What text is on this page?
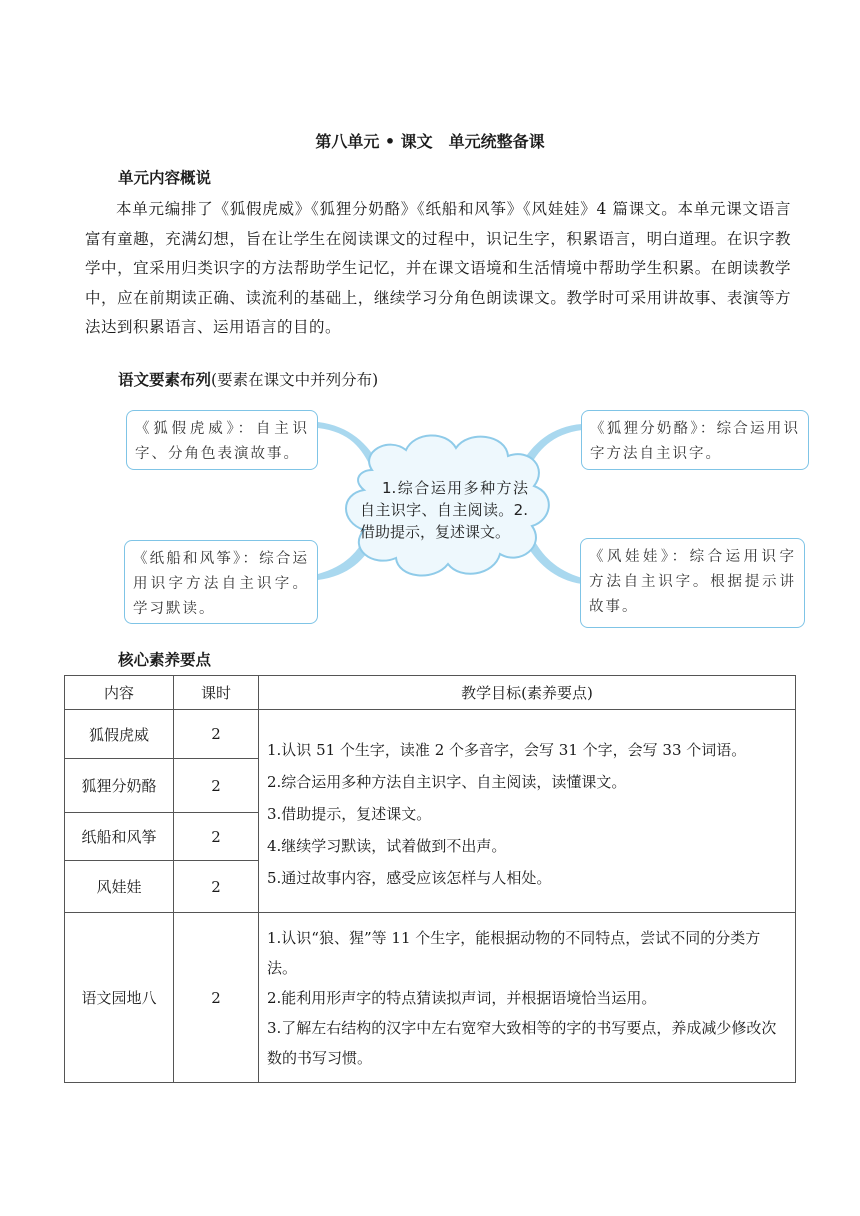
第八单元 • 课文　单元统整备课
单元内容概说
本单元编排了《狐假虎威》《狐狸分奶酪》《纸船和风筝》《风娃娃》4 篇课文。本单元课文语言富有童趣，充满幻想，旨在让学生在阅读课文的过程中，识记生字，积累语言，明白道理。在识字教学中，宜采用归类识字的方法帮助学生记忆，并在课文语境和生活情境中帮助学生积累。在朗读教学中，应在前期读正确、读流利的基础上，继续学习分角色朗读课文。教学时可采用讲故事、表演等方法达到积累语言、运用语言的目的。
语文要素布列(要素在课文中并列分布)
《狐假虎威》：自主识字、分角色表演故事。
《狐狸分奶酪》：综合运用识字方法自主识字。
《纸船和风筝》：综合运用识字方法自主识字。学习默读。
《风娃娃》：综合运用识字方法自主识字。根据提示讲故事。
1.综合运用多种方法自主识字、自主阅读。2.借助提示，复述课文。
核心素养要点
内容	课时	教学目标(素养要点)
狐假虎威	2	1.认识 51 个生字，读准 2 个多音字，会写 31 个字，会写 33 个词语。
2.综合运用多种方法自主识字、自主阅读，读懂课文。
3.借助提示，复述课文。
4.继续学习默读，试着做到不出声。
5.通过故事内容，感受应该怎样与人相处。

狐狸分奶酪	2	
纸船和风筝	2	
风娃娃	2	
语文园地八	2	1.认识“狼、猩”等 11 个生字，能根据动物的不同特点，尝试不同的分类方法。
2.能利用形声字的特点猜读拟声词，并根据语境恰当运用。
3.了解左右结构的汉字中左右宽窄大致相等的字的书写要点，养成减少修改次数的书写习惯。
